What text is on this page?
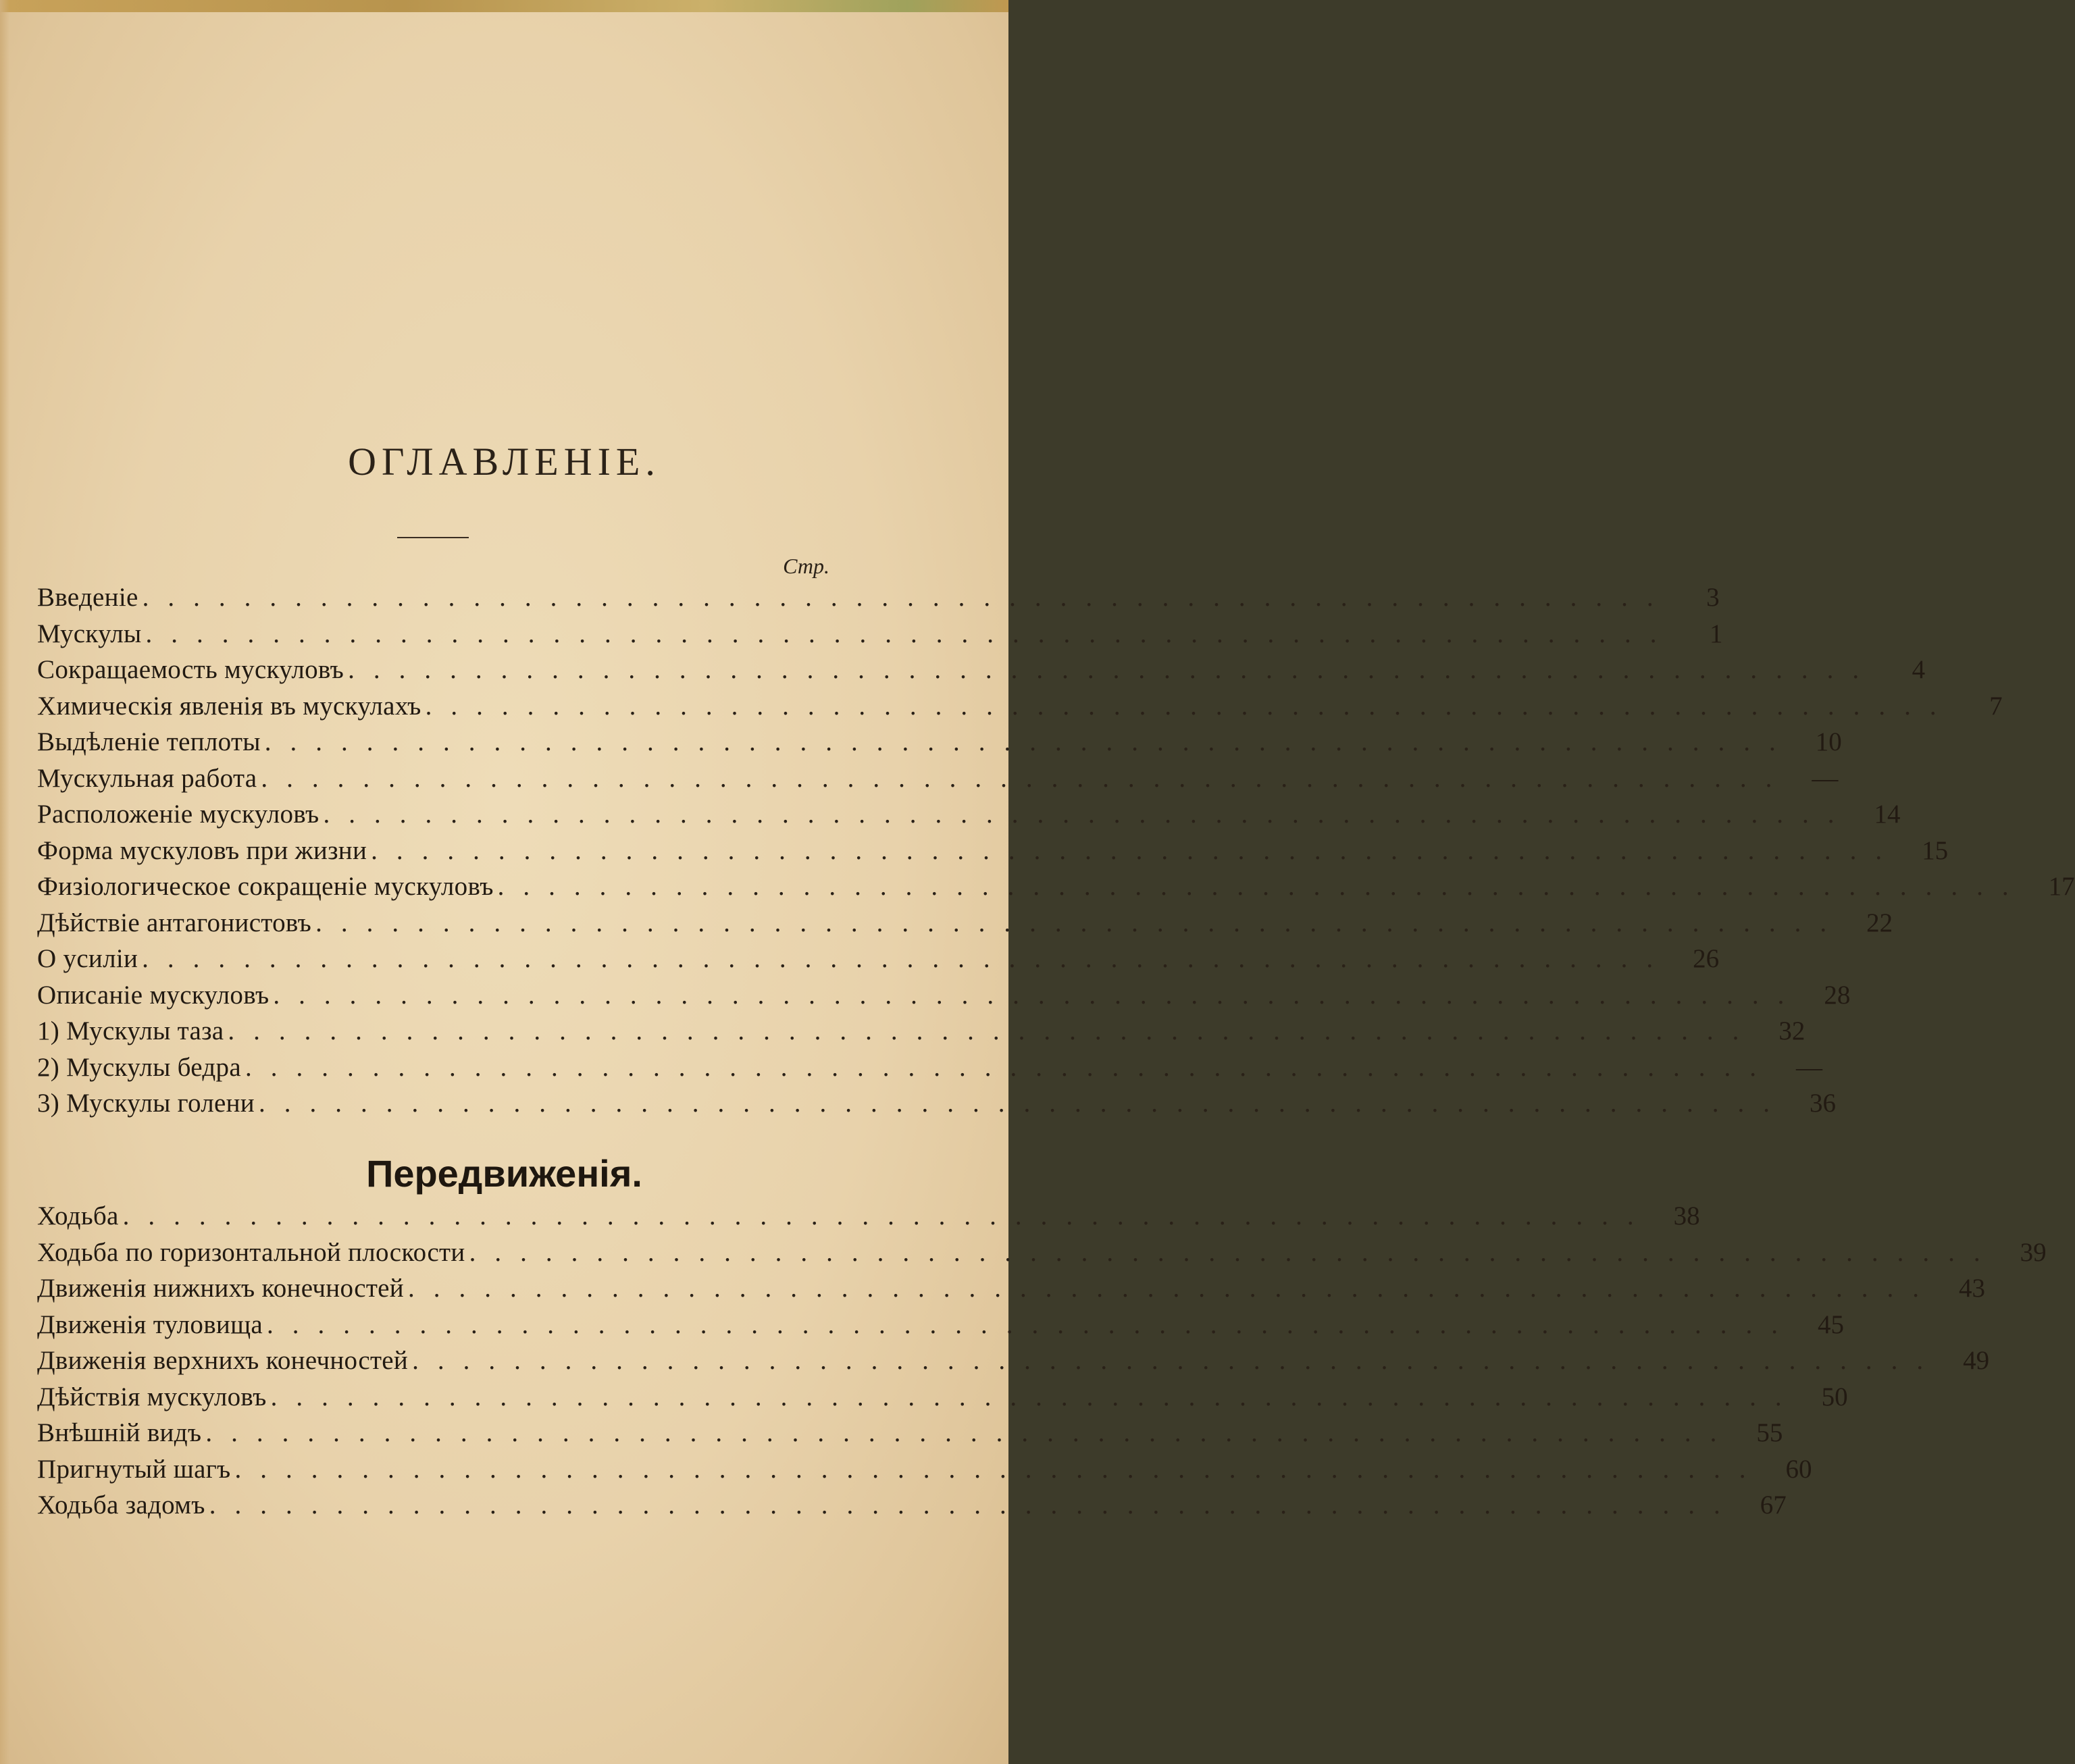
ОГЛАВЛЕНІЕ.
Стр.
Введеніе ............................................................	3
Мускулы ............................................................	1
Сокращаемость мускуловъ ............................................................	4
Химическія явленія въ мускулахъ ............................................................	7
Выдѣленіе теплоты ............................................................ 10
Мускульная работа ............................................................ —
Расположеніе мускуловъ ............................................................ 14
Форма мускуловъ при жизни ............................................................ 15
Физіологическое сокращеніе мускуловъ ............................................................ 17
Дѣйствіе антагонистовъ ............................................................ 22
О усиліи ............................................................ 26
Описаніе мускуловъ ............................................................ 28
1) Мускулы таза ............................................................ 32
2) Мускулы бедра ............................................................ —
3) Мускулы голени ............................................................ 36
Передвиженія.
Ходьба ............................................................ 38
Ходьба по горизонтальной плоскости ............................................................ 39
Движенія нижнихъ конечностей ............................................................ 43
Движенія туловища ............................................................ 45
Движенія верхнихъ конечностей ............................................................ 49
Дѣйствія мускуловъ ............................................................ 50
Внѣшній видъ ............................................................ 55
Пригнутый шагъ ............................................................ 60
Ходьба задомъ ............................................................ 67
